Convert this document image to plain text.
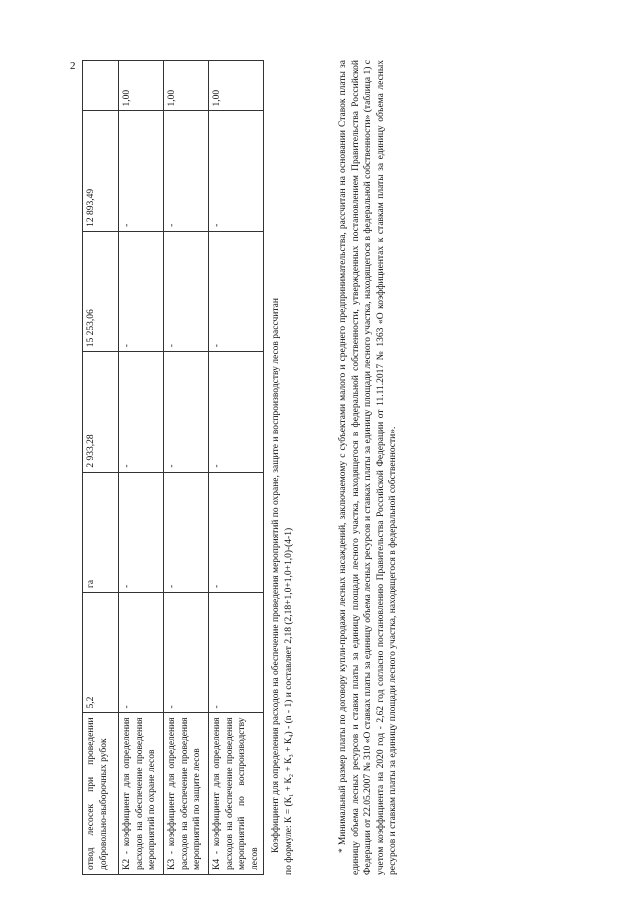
2
отвод лесосек при проведении добровольно-выборочных рубок	5,2	га	2 933,28	15 253,06	12 893,49	
К2 - коэффициент для определения расходов на обеспечение проведения мероприятий по охране лесов	-	-	-	-	-	1,00
К3 - коэффициент для определения расходов на обеспечение проведения мероприятий по защите лесов	-	-	-	-	-	1,00
К4 - коэффициент для определения расходов на обеспечение проведения мероприятий по воспроизводству лесов	-	-	-	-	-	1,00
Коэффициент для определения расходов на обеспечение проведения мероприятий по охране, защите и воспроизводству лесов рассчитан по формуле: К = (К₁ + К₂ + К₃ + К₄) - (n - 1) и составляет 2,18 (2,18+1,0+1,0+1,0)-(4-1)	* Минимальный размер платы по договору купли-продажи лесных насаждений, заключаемому с субъектами малого и среднего предпринимательства, рассчитан на основании Ставок платы за единицу объема лесных ресурсов и ставки платы за единицу площади лесного участка, находящегося в федеральной собственности, утвержденных постановлением Правительства Российской Федерации от 22.05.2007 № 310 «О ставках платы за единицу объема лесных ресурсов и ставках платы за единицу площади лесного участка, находящегося в федеральной собственности» (таблица 1) с учетом коэффициента на 2020 год - 2,62 год согласно постановлению Правительства Российской Федерации от 11.11.2017 № 1363 «О коэффициентах к ставкам платы за единицу объема лесных ресурсов и ставкам платы за единицу площади лесного участка, находящегося в федеральной собственности».
